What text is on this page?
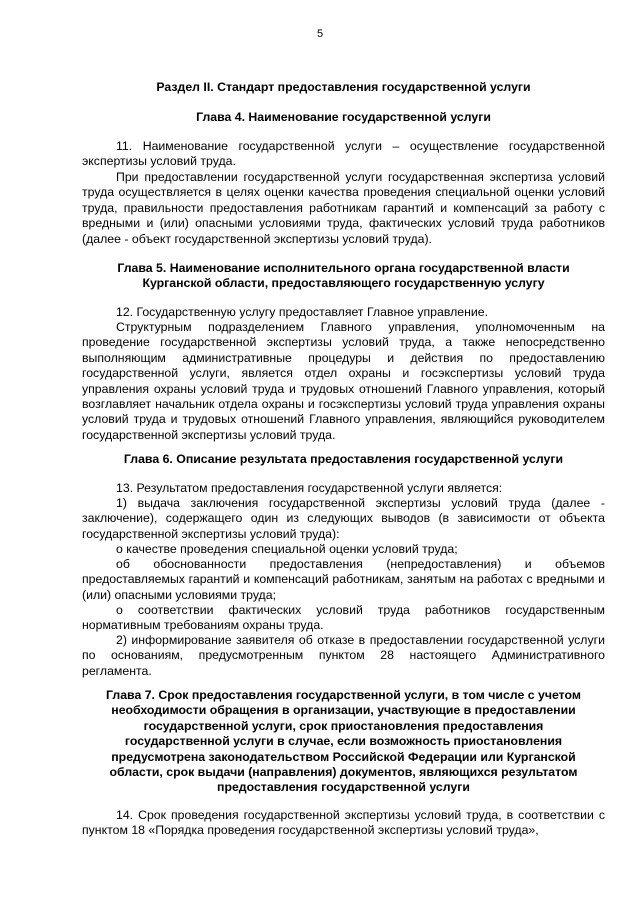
5
Раздел II. Стандарт предоставления государственной услуги
Глава 4. Наименование государственной услуги
11. Наименование государственной услуги – осуществление государственной экспертизы условий труда.
При предоставлении государственной услуги государственная экспертиза условий труда осуществляется в целях оценки качества проведения специальной оценки условий труда, правильности предоставления работникам гарантий и компенсаций за работу с вредными и (или) опасными условиями труда, фактических условий труда работников (далее - объект государственной экспертизы условий труда).
Глава 5. Наименование исполнительного органа государственной власти
Курганской области, предоставляющего государственную услугу
12. Государственную услугу предоставляет Главное управление.
Структурным подразделением Главного управления, уполномоченным на проведение государственной экспертизы условий труда, а также непосредственно выполняющим административные процедуры и действия по предоставлению государственной услуги, является отдел охраны и госэкспертизы условий труда управления охраны условий труда и трудовых отношений Главного управления, который возглавляет начальник отдела охраны и госэкспертизы условий труда управления охраны условий труда и трудовых отношений Главного управления, являющийся руководителем государственной экспертизы условий труда.
Глава 6. Описание результата предоставления государственной услуги
13. Результатом предоставления государственной услуги является:
1) выдача заключения государственной экспертизы условий труда (далее - заключение), содержащего один из следующих выводов (в зависимости от объекта государственной экспертизы условий труда):
о качестве проведения специальной оценки условий труда;
об обоснованности предоставления (непредоставления) и объемов предоставляемых гарантий и компенсаций работникам, занятым на работах с вредными и (или) опасными условиями труда;
о соответствии фактических условий труда работников государственным нормативным требованиям охраны труда.
2) информирование заявителя об отказе в предоставлении государственной услуги по основаниям, предусмотренным пунктом 28 настоящего Административного регламента.
Глава 7. Срок предоставления государственной услуги, в том числе с учетом
необходимости обращения в организации, участвующие в предоставлении
государственной услуги, срок приостановления предоставления
государственной услуги в случае, если возможность приостановления
предусмотрена законодательством Российской Федерации или Курганской
области, срок выдачи (направления) документов, являющихся результатом
предоставления государственной услуги
14. Срок проведения государственной экспертизы условий труда, в соответствии с пунктом 18 «Порядка проведения государственной экспертизы условий труда»,
